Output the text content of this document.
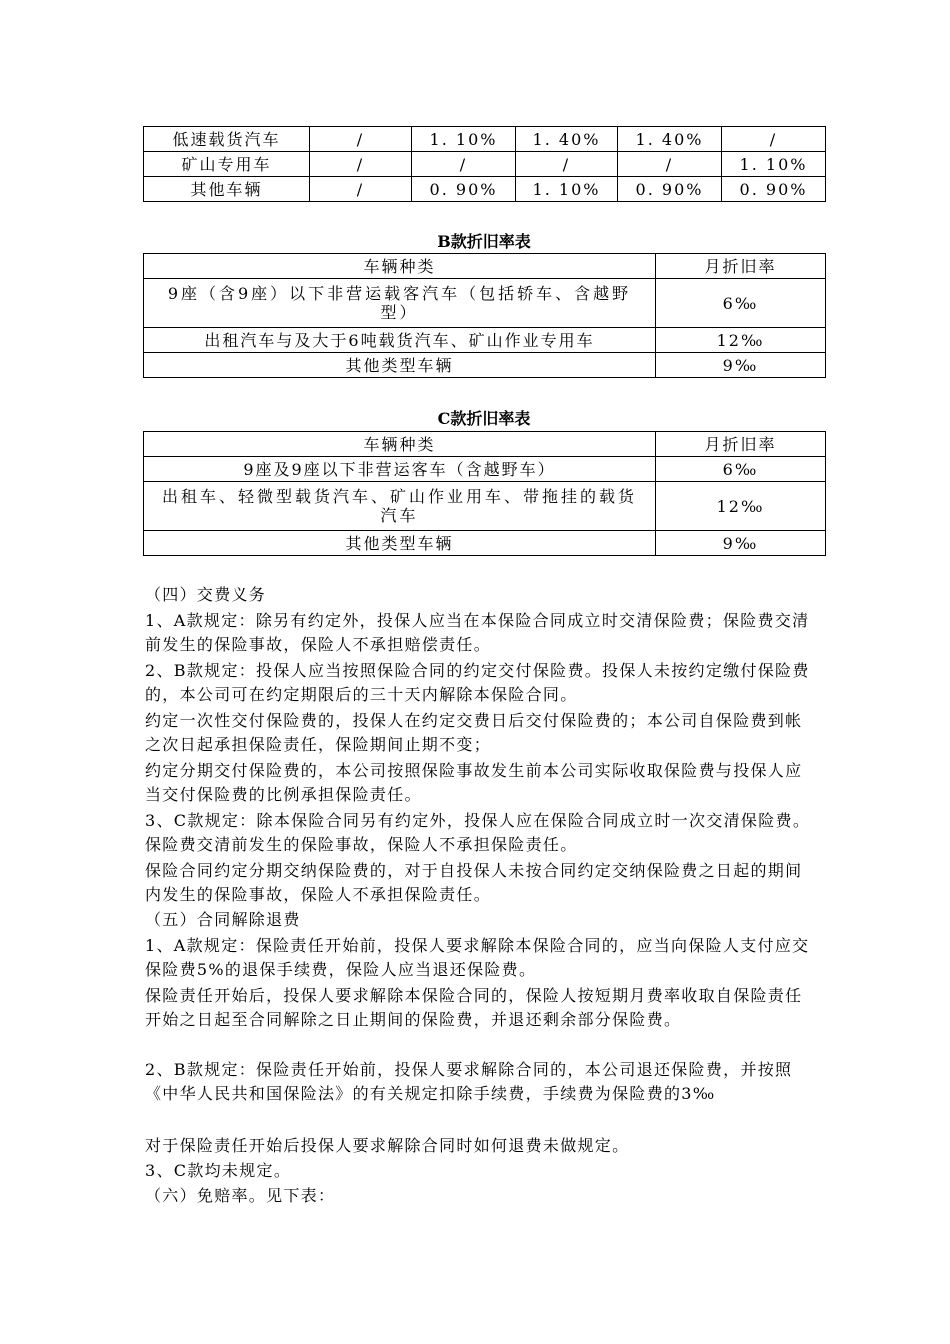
低速载货汽车	/	1. 10%	1. 40%	1. 40%	/
矿山专用车	/	/	/	/	1. 10%
其他车辆	/	0. 90%	1. 10%	0. 90%	0. 90%
B款折旧率表
车辆种类	月折旧率
9座（含9座）以下非营运载客汽车（包括轿车、含越野型）	6‰
出租汽车与及大于6吨载货汽车、矿山作业专用车	12‰
其他类型车辆	9‰
C款折旧率表
车辆种类	月折旧率
9座及9座以下非营运客车（含越野车）	6‰
出租车、轻微型载货汽车、矿山作业用车、带拖挂的载货汽车	12‰
其他类型车辆	9‰

（四）交费义务

1、A款规定：除另有约定外，投保人应当在本保险合同成立时交清保险费；保险费交清前发生的保险事故，保险人不承担赔偿责任。

2、B款规定：投保人应当按照保险合同的约定交付保险费。投保人未按约定缴付保险费的，本公司可在约定期限后的三十天内解除本保险合同。

约定一次性交付保险费的，投保人在约定交费日后交付保险费的；本公司自保险费到帐之次日起承担保险责任，保险期间止期不变；

约定分期交付保险费的，本公司按照保险事故发生前本公司实际收取保险费与投保人应当交付保险费的比例承担保险责任。

3、C款规定：除本保险合同另有约定外，投保人应在保险合同成立时一次交清保险费。保险费交清前发生的保险事故，保险人不承担保险责任。

保险合同约定分期交纳保险费的，对于自投保人未按合同约定交纳保险费之日起的期间内发生的保险事故，保险人不承担保险责任。

（五）合同解除退费

1、A款规定：保险责任开始前，投保人要求解除本保险合同的，应当向保险人支付应交保险费5%的退保手续费，保险人应当退还保险费。

保险责任开始后，投保人要求解除本保险合同的，保险人按短期月费率收取自保险责任开始之日起至合同解除之日止期间的保险费，并退还剩余部分保险费。

2、B款规定：保险责任开始前，投保人要求解除合同的，本公司退还保险费，并按照《中华人民共和国保险法》的有关规定扣除手续费，手续费为保险费的3‰

对于保险责任开始后投保人要求解除合同时如何退费未做规定。

3、C款均未规定。

（六）免赔率。见下表：
